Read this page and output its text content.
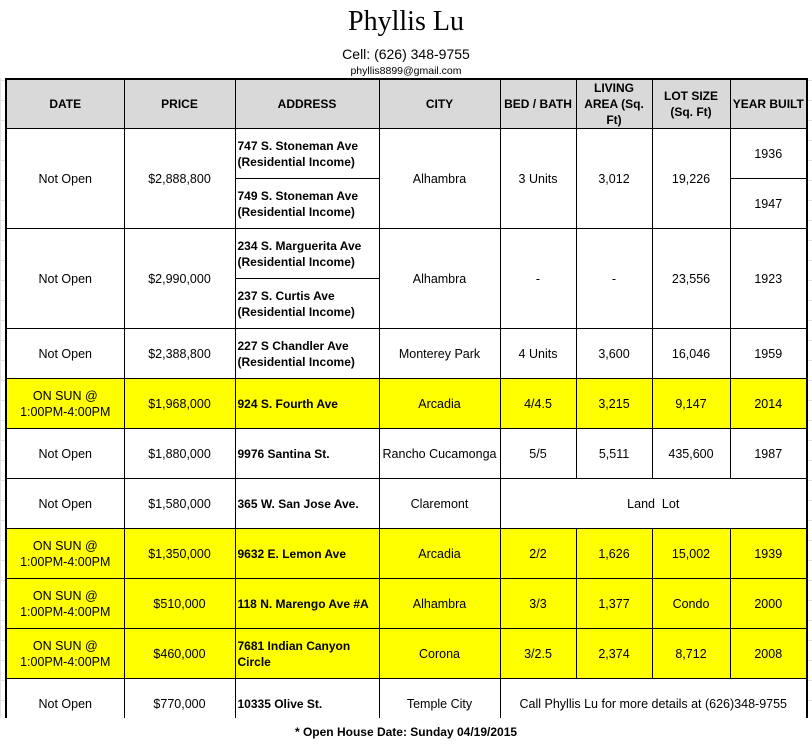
Phyllis Lu
Cell: (626) 348-9755
phyllis8899@gmail.com
DATE	PRICE	ADDRESS	CITY	BED / BATH	LIVING AREA (Sq. Ft)	LOT SIZE (Sq. Ft)	YEAR BUILT
Not Open	$2,888,800	747 S. Stoneman Ave (Residential Income)	Alhambra	3 Units	3,012	19,226	1936
		749 S. Stoneman Ave (Residential Income)					1947
Not Open	$2,990,000	234 S. Marguerita Ave (Residential Income)	Alhambra	-	-	23,556	1923
		237 S. Curtis Ave (Residential Income)					
Not Open	$2,388,800	227 S Chandler Ave (Residential Income)	Monterey Park	4 Units	3,600	16,046	1959
ON SUN @ 1:00PM-4:00PM	$1,968,000	924 S. Fourth Ave	Arcadia	4/4.5	3,215	9,147	2014
Not Open	$1,880,000	9976 Santina St.	Rancho Cucamonga	5/5	5,511	435,600	1987
Not Open	$1,580,000	365 W. San Jose Ave.	Claremont	Land  Lot			
ON SUN @ 1:00PM-4:00PM	$1,350,000	9632 E. Lemon Ave	Arcadia	2/2	1,626	15,002	1939
ON SUN @ 1:00PM-4:00PM	$510,000	118 N. Marengo Ave #A	Alhambra	3/3	1,377	Condo	2000
ON SUN @ 1:00PM-4:00PM	$460,000	7681 Indian Canyon Circle	Corona	3/2.5	2,374	8,712	2008
Not Open	$770,000	10335 Olive St.	Temple City	Call Phyllis Lu for more details at (626)348-9755			
* Open House Date: Sunday 04/19/2015
